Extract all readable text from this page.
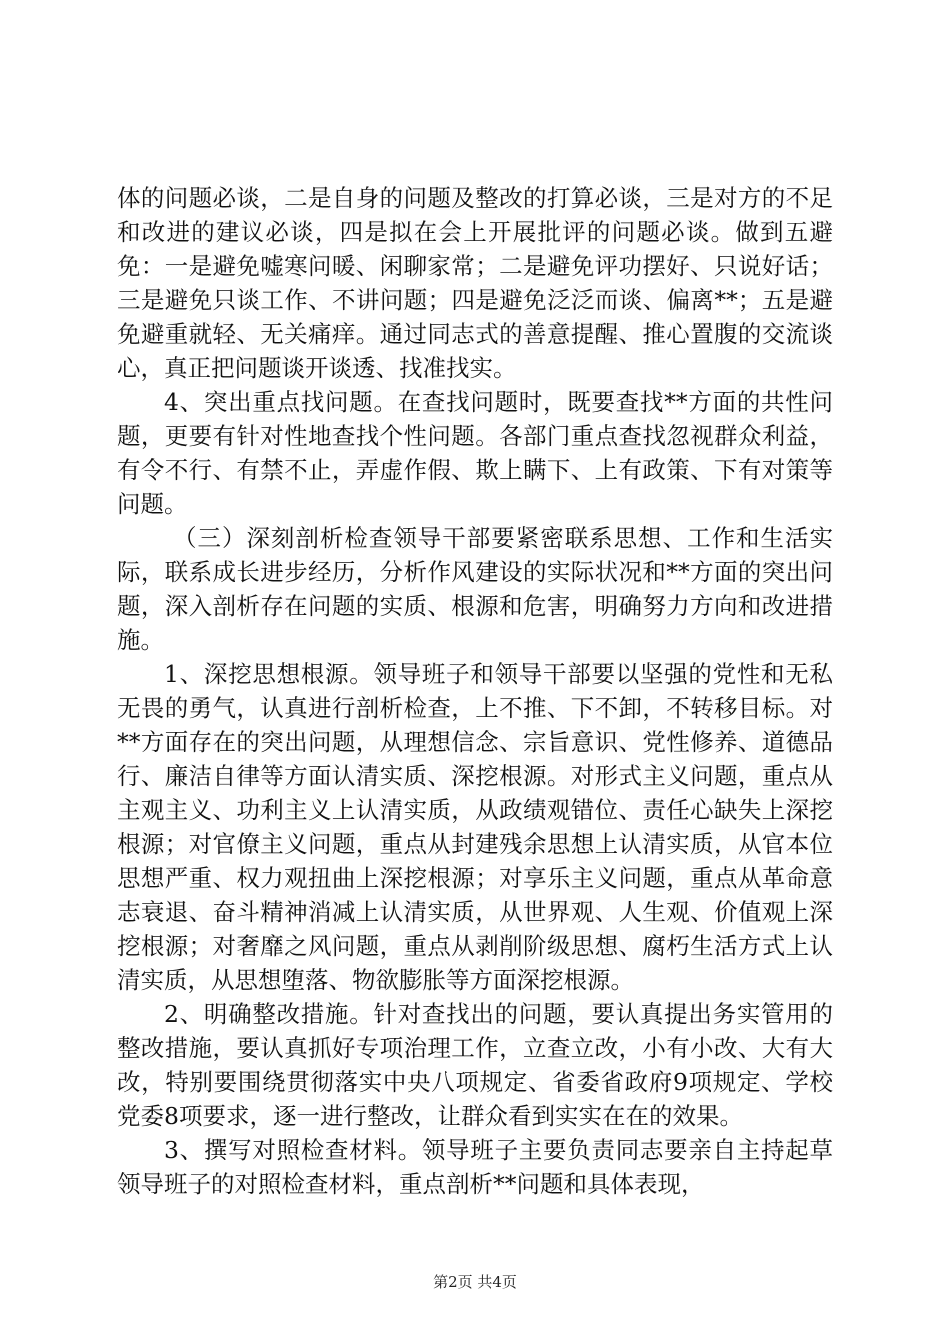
体的问题必谈，二是自身的问题及整改的打算必谈，三是对方的不足和改进的建议必谈，四是拟在会上开展批评的问题必谈。做到五避免：一是避免嘘寒问暖、闲聊家常；二是避免评功摆好、只说好话；三是避免只谈工作、不讲问题；四是避免泛泛而谈、偏离**；五是避免避重就轻、无关痛痒。通过同志式的善意提醒、推心置腹的交流谈心，真正把问题谈开谈透、找准找实。

4、突出重点找问题。在查找问题时，既要查找**方面的共性问题，更要有针对性地查找个性问题。各部门重点查找忽视群众利益，有令不行、有禁不止，弄虚作假、欺上瞒下、上有政策、下有对策等问题。

（三）深刻剖析检查领导干部要紧密联系思想、工作和生活实际，联系成长进步经历，分析作风建设的实际状况和**方面的突出问题，深入剖析存在问题的实质、根源和危害，明确努力方向和改进措施。

1、深挖思想根源。领导班子和领导干部要以坚强的党性和无私无畏的勇气，认真进行剖析检查，上不推、下不卸，不转移目标。对**方面存在的突出问题，从理想信念、宗旨意识、党性修养、道德品行、廉洁自律等方面认清实质、深挖根源。对形式主义问题，重点从主观主义、功利主义上认清实质，从政绩观错位、责任心缺失上深挖根源；对官僚主义问题，重点从封建残余思想上认清实质，从官本位思想严重、权力观扭曲上深挖根源；对享乐主义问题，重点从革命意志衰退、奋斗精神消减上认清实质，从世界观、人生观、价值观上深挖根源；对奢靡之风问题，重点从剥削阶级思想、腐朽生活方式上认清实质，从思想堕落、物欲膨胀等方面深挖根源。

2、明确整改措施。针对查找出的问题，要认真提出务实管用的整改措施，要认真抓好专项治理工作，立查立改，小有小改、大有大改，特别要围绕贯彻落实中央八项规定、省委省政府9项规定、学校党委8项要求，逐一进行整改，让群众看到实实在在的效果。

3、撰写对照检查材料。领导班子主要负责同志要亲自主持起草领导班子的对照检查材料，重点剖析**问题和具体表现，

第2页 共4页
